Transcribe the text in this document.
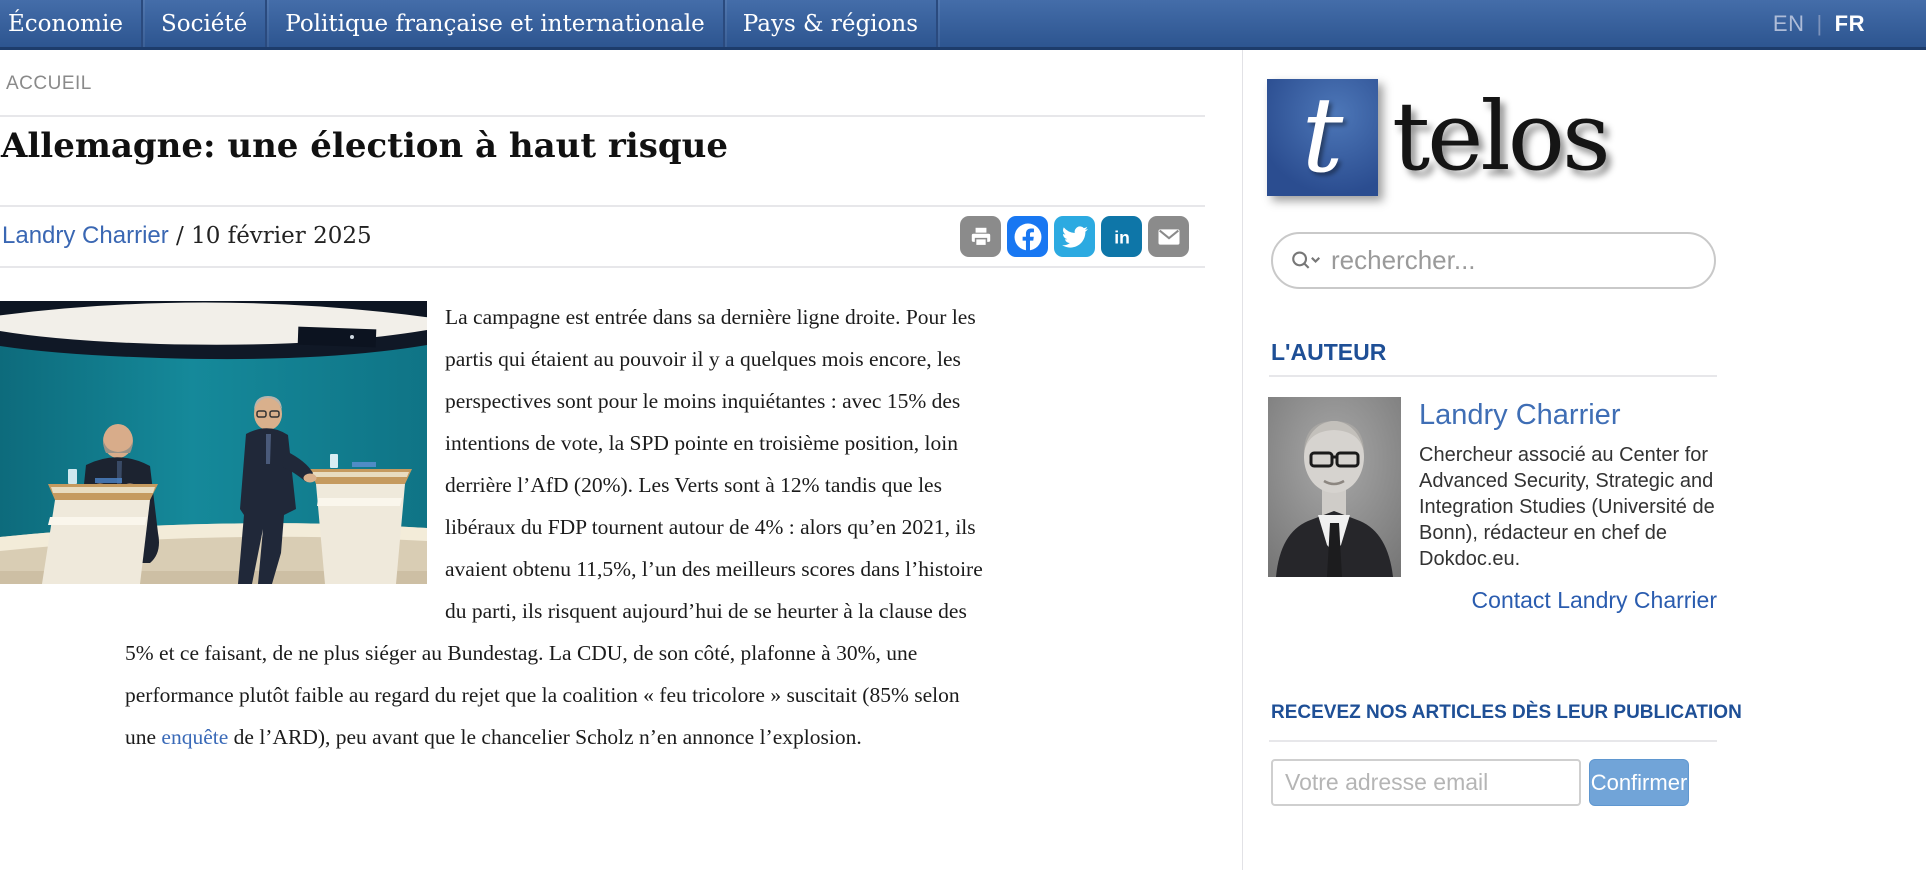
Économie	Société	Politique française et internationale	Pays & régions	EN | FR
ACCUEIL
Allemagne: une élection à haut risque
Landry Charrier / 10 février 2025	in
La campagne est entrée dans sa dernière ligne droite. Pour les partis qui étaient au pouvoir il y a quelques mois encore, les perspectives sont pour le moins inquiétantes : avec 15% des intentions de vote, la SPD pointe en troisième position, loin derrière l’AfD (20%). Les Verts sont à 12% tandis que les libéraux du FDP tournent autour de 4% : alors qu’en 2021, ils avaient obtenu 11,5%, l’un des meilleurs scores dans l’histoire du parti, ils risquent aujourd’hui de se heurter à la clause des 5% et ce faisant, de ne plus siéger au Bundestag. La CDU, de son côté, plafonne à 30%, une performance plutôt faible au regard du rejet que la coalition « feu tricolore » suscitait (85% selon une enquête de l’ARD), peu avant que le chancelier Scholz n’en annonce l’explosion.
t telos
rechercher...
L'AUTEUR
Landry Charrier
Chercheur associé au Center for Advanced Security, Strategic and Integration Studies (Université de Bonn), rédacteur en chef de Dokdoc.eu.
Contact Landry Charrier
RECEVEZ NOS ARTICLES DÈS LEUR PUBLICATION
Votre adresse email
Confirmer
